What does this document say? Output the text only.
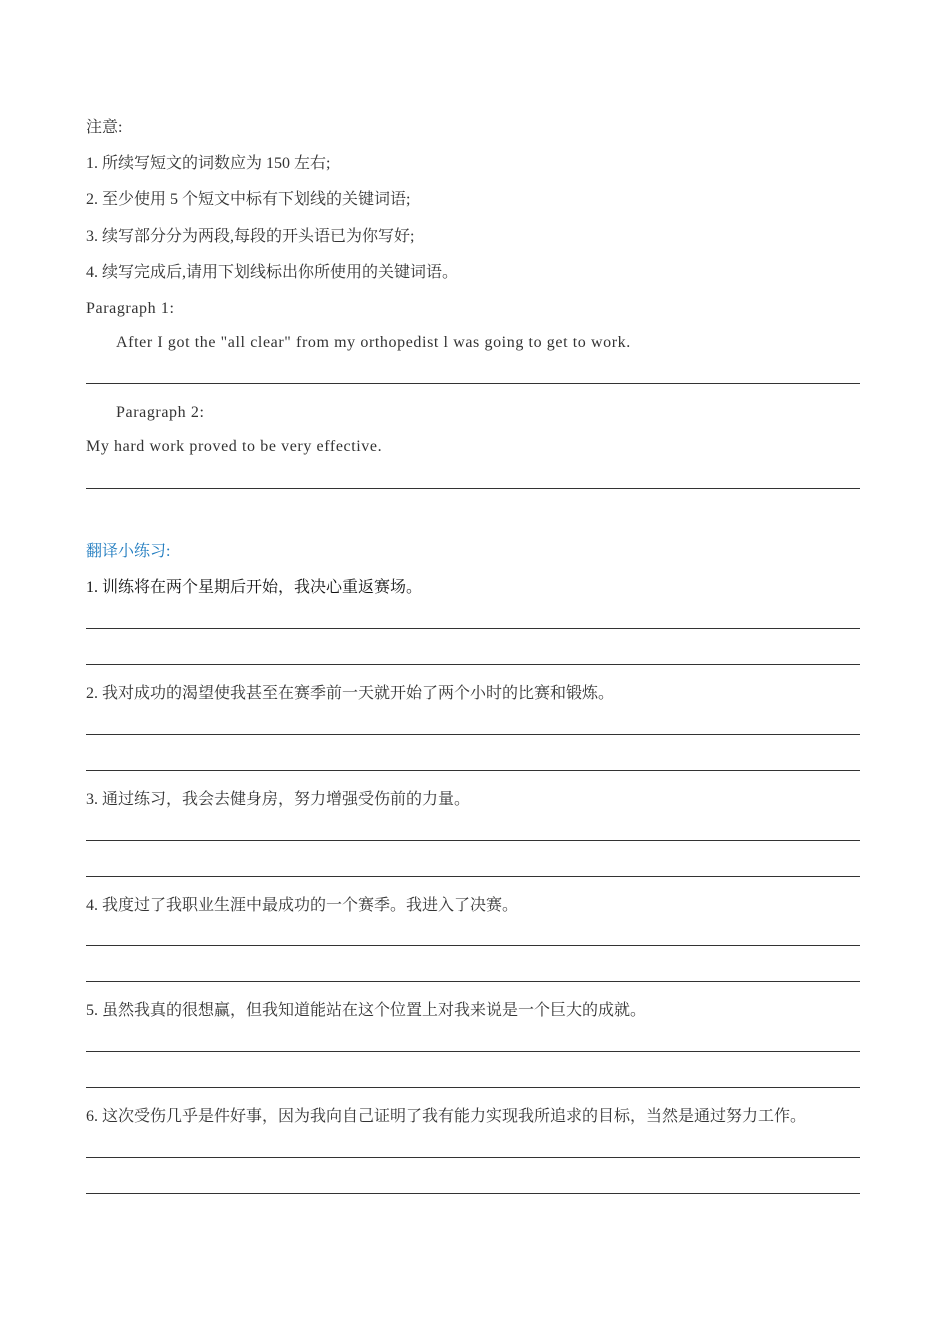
注意:
1. 所续写短文的词数应为 150 左右;
2. 至少使用 5 个短文中标有下划线的关键词语;
3. 续写部分分为两段,每段的开头语已为你写好;
4. 续写完成后,请用下划线标出你所使用的关键词语。
Paragraph 1:
After I got the "all clear" from my orthopedist l was going to get to work.
Paragraph 2:
My hard work proved to be very effective.
翻译小练习:
1. 训练将在两个星期后开始，我决心重返赛场。
2. 我对成功的渴望使我甚至在赛季前一天就开始了两个小时的比赛和锻炼。
3. 通过练习，我会去健身房，努力增强受伤前的力量。
4. 我度过了我职业生涯中最成功的一个赛季。我进入了决赛。
5. 虽然我真的很想赢，但我知道能站在这个位置上对我来说是一个巨大的成就。
6. 这次受伤几乎是件好事，因为我向自己证明了我有能力实现我所追求的目标，当然是通过努力工作。
